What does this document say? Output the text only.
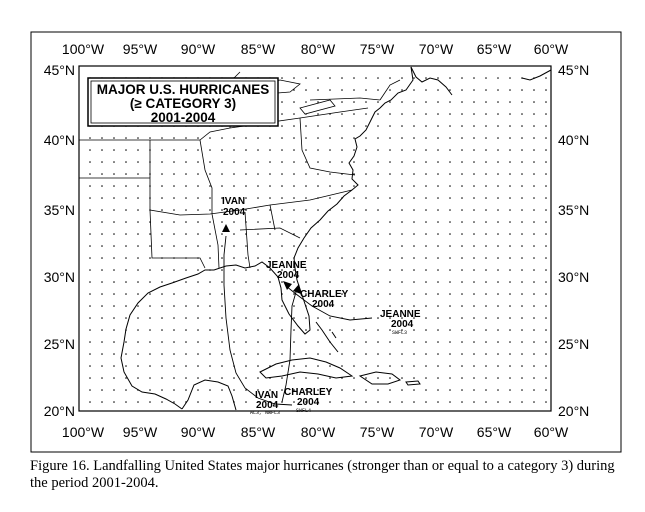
IVAN
2004
JEANNE
2004
CHARLEY
2004
JEANNE
2004
SWFL3
IVAN
2004
AL3, NWFL3
CHARLEY
2004
SWFL4
MAJOR U.S. HURRICANES
(≥ CATEGORY 3)
2001-2004
100°W 95°W 90°W 85°W 80°W 75°W 70°W 65°W 60°W
100°W 95°W 90°W 85°W 80°W 75°W 70°W 65°W 60°W
45°N
40°N
35°N
30°N
25°N
20°N
45°N
40°N
35°N
30°N
25°N
20°N

Figure 16. Landfalling United States major hurricanes (stronger than or equal to a category 3) during the period 2001-2004.
